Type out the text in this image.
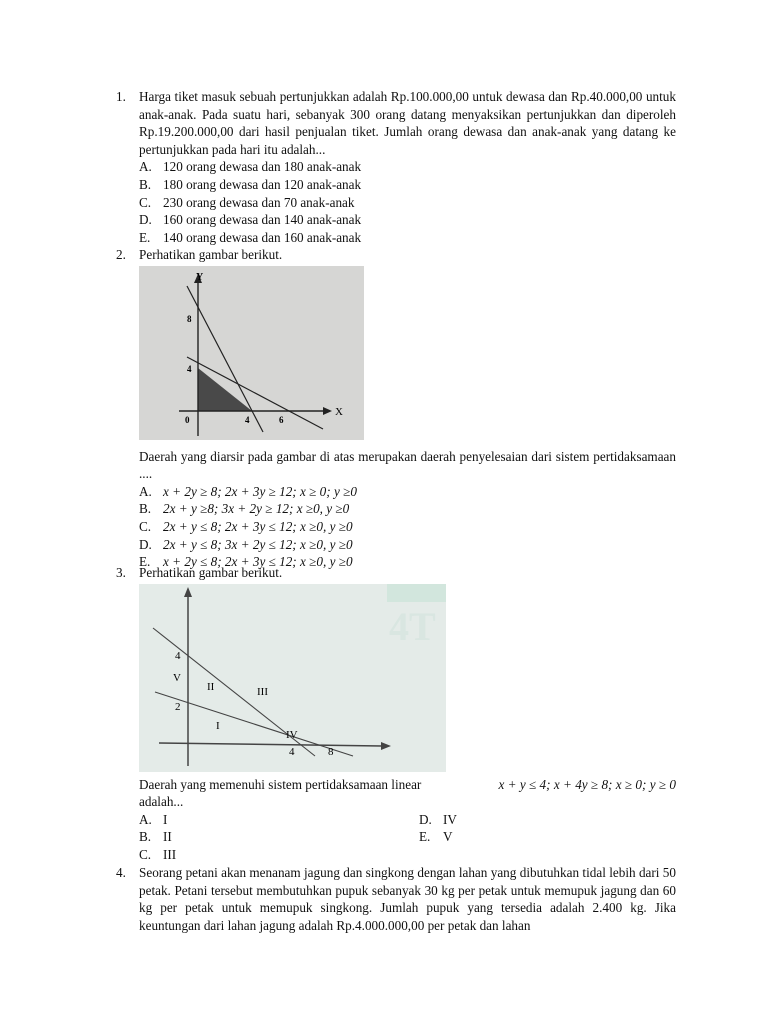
1. Harga tiket masuk sebuah pertunjukkan adalah Rp.100.000,00 untuk dewasa dan Rp.40.000,00 untuk anak-anak. Pada suatu hari, sebanyak 300 orang datang menyaksikan pertunjukkan dan diperoleh Rp.19.200.000,00 dari hasil penjualan tiket. Jumlah orang dewasa dan anak-anak yang datang ke pertunjukkan pada hari itu adalah...
A. 120 orang dewasa dan 180 anak-anak
B. 180 orang dewasa dan 120 anak-anak
C. 230 orang dewasa dan 70 anak-anak
D. 160 orang dewasa dan 140 anak-anak
E. 140 orang dewasa dan 160 anak-anak
2. Perhatikan gambar berikut.
Y
X
8
4
0	4	6
Daerah yang diarsir pada gambar di atas merupakan daerah penyelesaian dari sistem pertidaksamaan ....
A. x + 2y ≥ 8; 2x + 3y ≥ 12; x ≥ 0; y ≥0
B. 2x + y ≥8; 3x + 2y ≥ 12; x ≥0, y ≥0
C. 2x + y ≤ 8; 2x + 3y ≤ 12; x ≥0, y ≥0
D. 2x + y ≤ 8; 3x + 2y ≤ 12; x ≥0, y ≥0
E. x + 2y ≤ 8; 2x + 3y ≤ 12; x ≥0, y ≥0
3. Perhatikan gambar berikut.
4T
4
2
4	8
V
II	III
I
IV
Daerah yang memenuhi sistem pertidaksamaan linear	x + y ≤ 4; x + 4y ≥ 8; x ≥ 0; y ≥ 0
adalah...
A. I
B. II
C. III
D. IV
E. V
4. Seorang petani akan menanam jagung dan singkong dengan lahan yang dibutuhkan tidal lebih dari 50 petak. Petani tersebut membutuhkan pupuk sebanyak 30 kg per petak untuk memupuk jagung dan 60 kg per petak untuk memupuk singkong. Jumlah pupuk yang tersedia adalah 2.400 kg. Jika keuntungan dari lahan jagung adalah Rp.4.000.000,00 per petak dan lahan
